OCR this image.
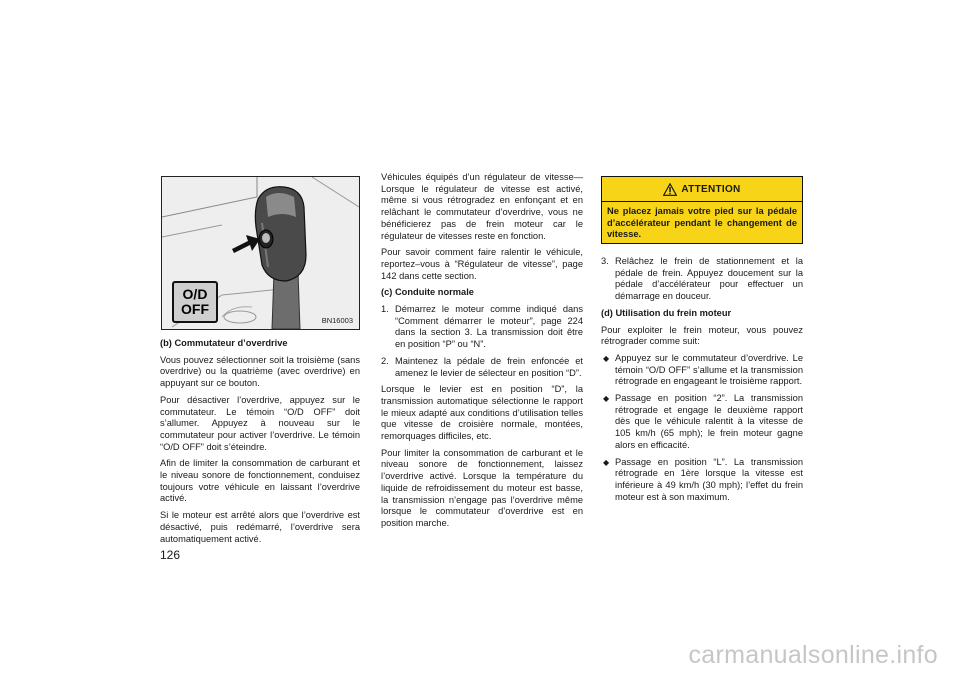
O/D
OFF
BN16003
(b) Commutateur d’overdrive

Vous pouvez sélectionner soit la troisième (sans overdrive) ou la quatrième (avec overdrive) en appuyant sur ce bouton.

Pour désactiver l’overdrive, appuyez sur le commutateur. Le témoin “O/D OFF” doit s’allumer. Appuyez à nouveau sur le commutateur pour activer l’overdrive. Le témoin “O/D OFF” doit s’éteindre.

Afin de limiter la consommation de carburant et le niveau sonore de fonctionnement, conduisez toujours votre véhicule en laissant l’overdrive activé.

Si le moteur est arrêté alors que l’overdrive est désactivé, puis redémarré, l’overdrive sera automatiquement activé.

Véhicules équipés d’un régulateur de vitesse—Lorsque le régulateur de vitesse est activé, même si vous rétrogradez en enfonçant et en relâchant le commutateur d’overdrive, vous ne bénéficierez pas de frein moteur car le régulateur de vitesses reste en fonction.

Pour savoir comment faire ralentir le véhicule, reportez–vous à “Régulateur de vitesse”, page 142 dans cette section.

(c) Conduite normale
1. Démarrez le moteur comme indiqué dans “Comment démarrer le moteur”, page 224 dans la section 3. La transmission doit être en position “P” ou “N”.
2. Maintenez la pédale de frein enfoncée et amenez le levier de sélecteur en position “D”.

Lorsque le levier est en position “D”, la transmission automatique sélectionne le rapport le mieux adapté aux conditions d’utilisation telles que vitesse de croisière normale, montées, remorquages difficiles, etc.

Pour limiter la consommation de carburant et le niveau sonore de fonctionnement, laissez l’overdrive activé. Lorsque la température du liquide de refroidissement du moteur est basse, la transmission n’engage pas l’overdrive même lorsque le commutateur d’overdrive est en position marche.

ATTENTION
Ne placez jamais votre pied sur la pédale d’accélérateur pendant le changement de vitesse.
3. Relâchez le frein de stationnement et la pédale de frein. Appuyez doucement sur la pédale d’accélérateur pour effectuer un démarrage en douceur.
(d) Utilisation du frein moteur

Pour exploiter le frein moteur, vous pouvez rétrograder comme suit:

◆ Appuyez sur le commutateur d’overdrive. Le témoin “O/D OFF” s’allume et la transmission rétrograde en engageant le troisième rapport.
◆ Passage en position “2”. La transmission rétrograde et engage le deuxième rapport dès que le véhicule ralentit à la vitesse de 105 km/h (65 mph); le frein moteur gagne alors en efficacité.
◆ Passage en position “L”. La transmission rétrograde en 1ère lorsque la vitesse est inférieure à 49 km/h (30 mph); l’effet du frein moteur est à son maximum.
126
carmanualsonline.info
